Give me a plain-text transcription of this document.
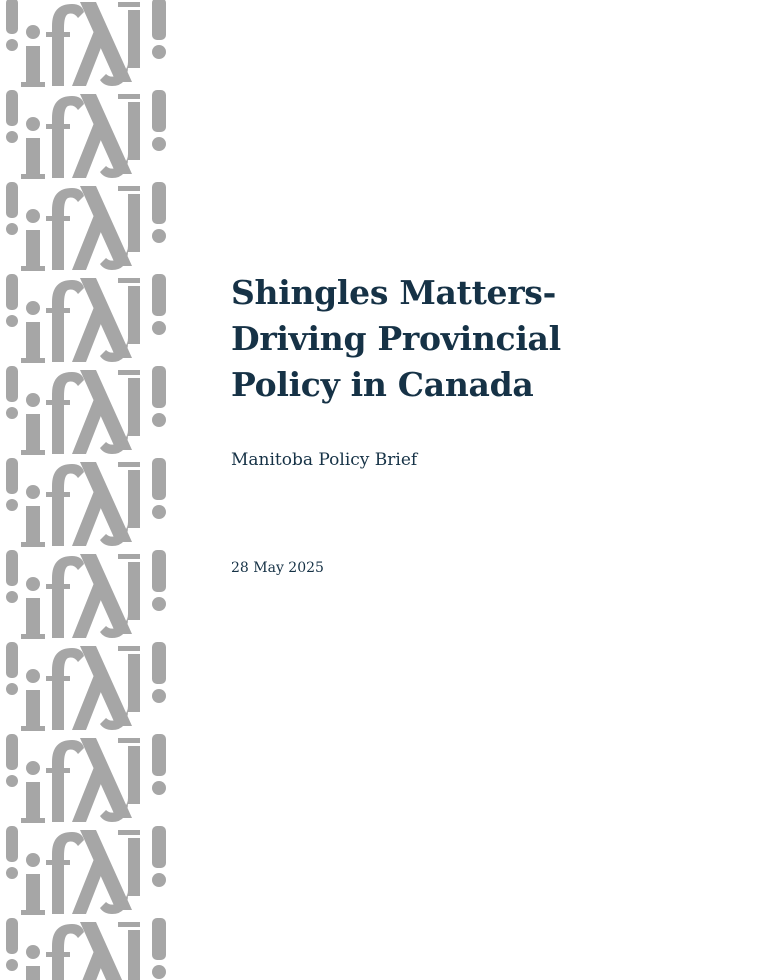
Shingles Matters-
Driving Provincial
Policy in Canada
Manitoba Policy Brief
28 May 2025
